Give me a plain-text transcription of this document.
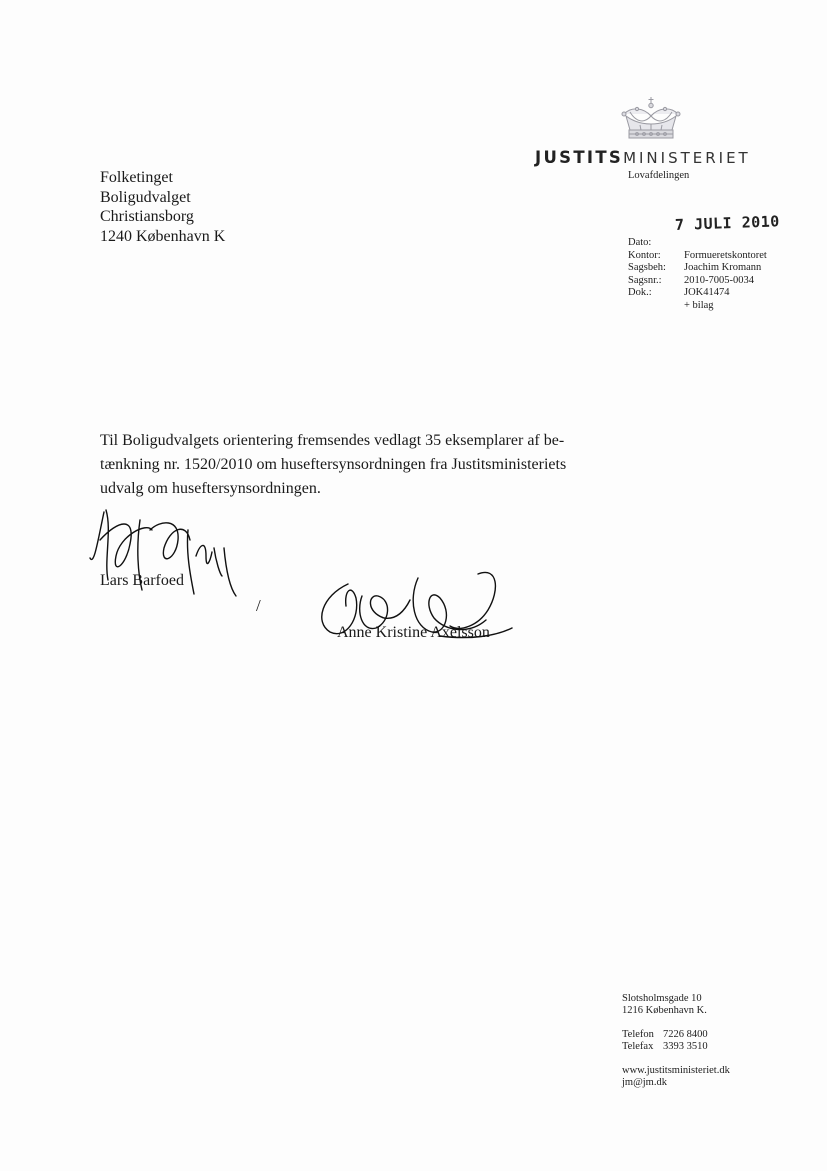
JUSTITSMINISTERIET
Lovafdelingen
Folketinget
Boligudvalget
Christiansborg
1240 København K
7 JULI 2010
Dato:
Kontor:	Formueretskontoret
Sagsbeh:	Joachim Kromann
Sagsnr.:	2010-7005-0034
Dok.:	JOK41474
+ bilag
Til Boligudvalgets orientering fremsendes vedlagt 35 eksemplarer af be-
tænkning nr. 1520/2010 om huseftersynsordningen fra Justitsministeriets
udvalg om huseftersynsordningen.
Lars Barfoed
/
Anne Kristine Axelsson
Slotsholmsgade 10
1216 København K.
Telefon 7226 8400
Telefax 3393 3510
www.justitsministeriet.dk
jm@jm.dk
